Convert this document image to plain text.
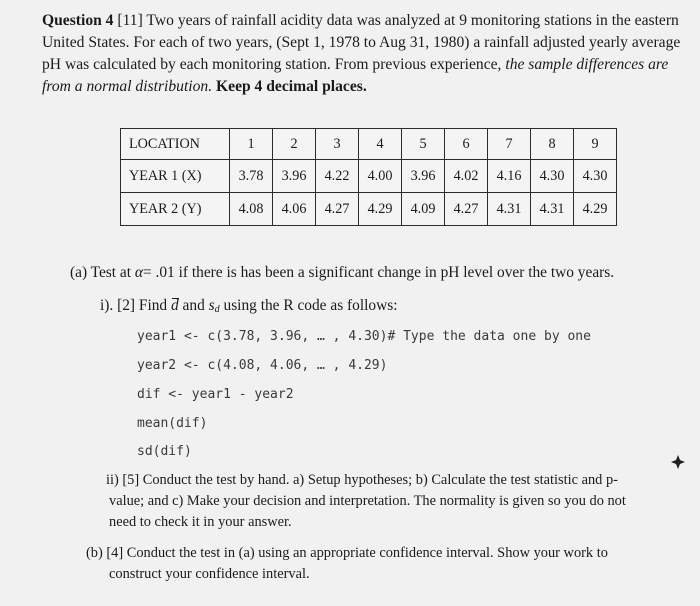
Question 4 [11] Two years of rainfall acidity data was analyzed at 9 monitoring stations in the eastern United States. For each of two years, (Sept 1, 1978 to Aug 31, 1980) a rainfall adjusted yearly average pH was calculated by each monitoring station. From previous experience, the sample differences are from a normal distribution. Keep 4 decimal places.

LOCATION	1	2	3	4	5	6	7	8	9
YEAR 1 (X)	3.78	3.96	4.22	4.00	3.96	4.02	4.16	4.30	4.30
YEAR 2 (Y)	4.08	4.06	4.27	4.29	4.09	4.27	4.31	4.31	4.29

(a) Test at α= .01 if there is has been a significant change in pH level over the two years.

i). [2] Find d and $s_d$ using the R code as follows:

year1 <- c(3.78, 3.96, … , 4.30)# Type the data one by one
year2 <- c(4.08, 4.06, … , 4.29)
dif <- year1 - year2
mean(dif)
sd(dif)

ii) [5] Conduct the test by hand. a) Setup hypotheses; b) Calculate the test statistic and p-
value; and c) Make your decision and interpretation. The normality is given so you do not
need to check it in your answer.

(b) [4] Conduct the test in (a) using an appropriate confidence interval. Show your work to
construct your confidence interval.
